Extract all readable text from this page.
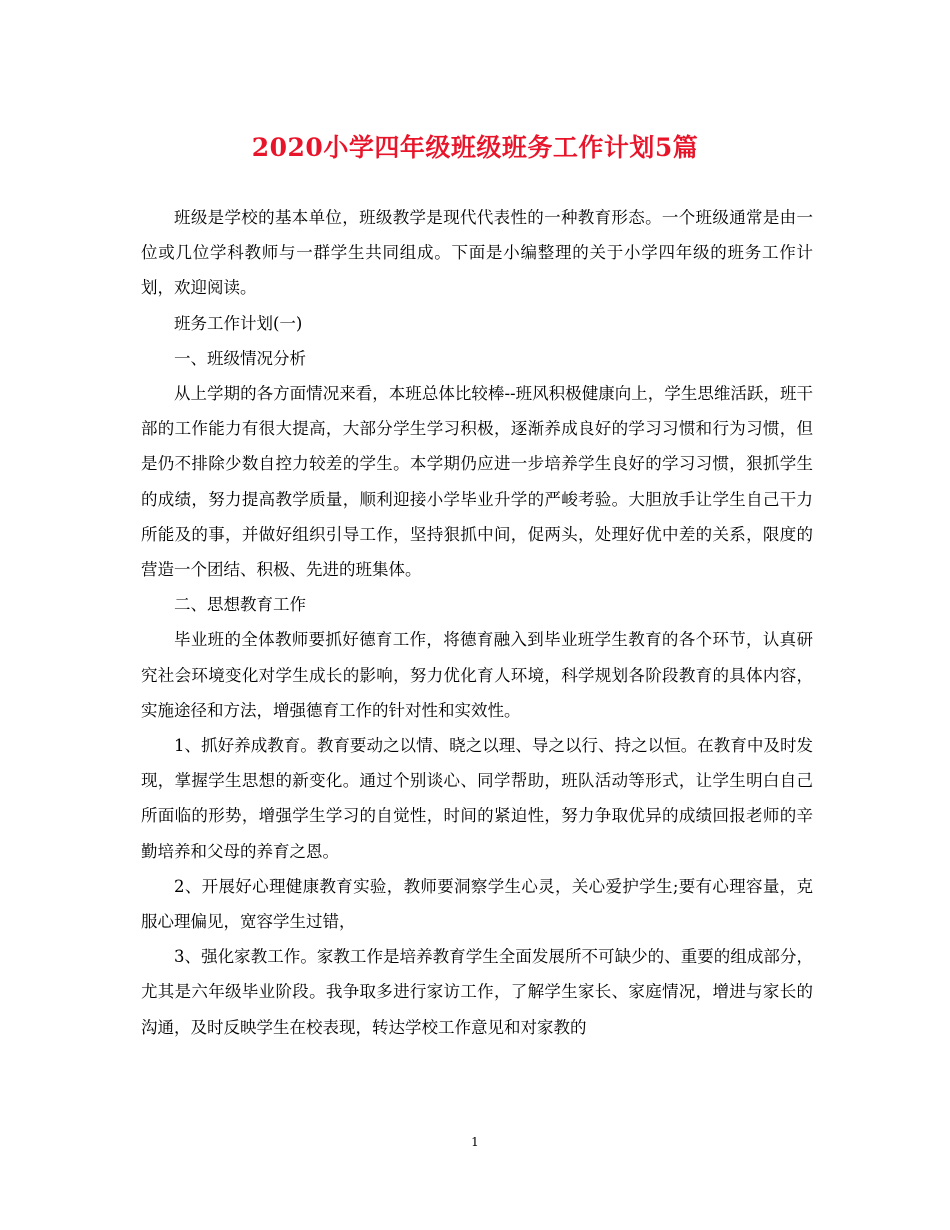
2020小学四年级班级班务工作计划5篇

班级是学校的基本单位，班级教学是现代代表性的一种教育形态。一个班级通常是由一位或几位学科教师与一群学生共同组成。下面是小编整理的关于小学四年级的班务工作计划，欢迎阅读。

班务工作计划(一)

一、班级情况分析

从上学期的各方面情况来看，本班总体比较棒--班风积极健康向上，学生思维活跃，班干部的工作能力有很大提高，大部分学生学习积极，逐渐养成良好的学习习惯和行为习惯，但是仍不排除少数自控力较差的学生。本学期仍应进一步培养学生良好的学习习惯，狠抓学生的成绩，努力提高教学质量，顺利迎接小学毕业升学的严峻考验。大胆放手让学生自己干力所能及的事，并做好组织引导工作，坚持狠抓中间，促两头，处理好优中差的关系，限度的营造一个团结、积极、先进的班集体。

二、思想教育工作

毕业班的全体教师要抓好德育工作，将德育融入到毕业班学生教育的各个环节，认真研究社会环境变化对学生成长的影响，努力优化育人环境，科学规划各阶段教育的具体内容，实施途径和方法，增强德育工作的针对性和实效性。

1、抓好养成教育。教育要动之以情、晓之以理、导之以行、持之以恒。在教育中及时发现，掌握学生思想的新变化。通过个别谈心、同学帮助，班队活动等形式，让学生明白自己所面临的形势，增强学生学习的自觉性，时间的紧迫性，努力争取优异的成绩回报老师的辛勤培养和父母的养育之恩。

2、开展好心理健康教育实验，教师要洞察学生心灵，关心爱护学生;要有心理容量，克服心理偏见，宽容学生过错，

3、强化家教工作。家教工作是培养教育学生全面发展所不可缺少的、重要的组成部分，尤其是六年级毕业阶段。我争取多进行家访工作，了解学生家长、家庭情况，增进与家长的沟通，及时反映学生在校表现，转达学校工作意见和对家教的

1
